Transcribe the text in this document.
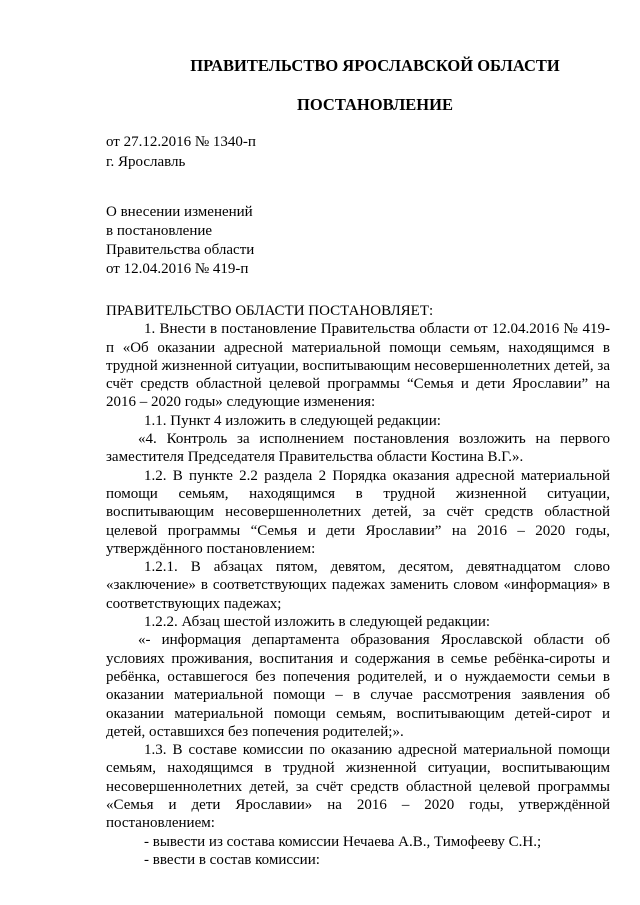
ПРАВИТЕЛЬСТВО ЯРОСЛАВСКОЙ ОБЛАСТИ
ПОСТАНОВЛЕНИЕ
от 27.12.2016 № 1340-п
г. Ярославль
О внесении изменений
в постановление
Правительства области
от 12.04.2016 № 419-п

ПРАВИТЕЛЬСТВО ОБЛАСТИ ПОСТАНОВЛЯЕТ:

1. Внести в постановление Правительства области от 12.04.2016 № 419-п «Об оказании адресной материальной помощи семьям, находящимся в трудной жизненной ситуации, воспитывающим несовершеннолетних детей, за счёт средств областной целевой программы “Семья и дети Ярославии” на 2016 – 2020 годы» следующие изменения:

1.1. Пункт 4 изложить в следующей редакции:

«4. Контроль за исполнением постановления возложить на первого заместителя Председателя Правительства области Костина В.Г.».

1.2. В пункте 2.2 раздела 2 Порядка оказания адресной материальной помощи семьям, находящимся в трудной жизненной ситуации, воспитывающим несовершеннолетних детей, за счёт средств областной целевой программы “Семья и дети Ярославии” на 2016 – 2020 годы, утверждённого постановлением:

1.2.1. В абзацах пятом, девятом, десятом, девятнадцатом слово «заключение» в соответствующих падежах заменить словом «информация» в соответствующих падежах;

1.2.2. Абзац шестой изложить в следующей редакции:

«- информация департамента образования Ярославской области об условиях проживания, воспитания и содержания в семье ребёнка-сироты и ребёнка, оставшегося без попечения родителей, и о нуждаемости семьи в оказании материальной помощи – в случае рассмотрения заявления об оказании материальной помощи семьям, воспитывающим детей-сирот и детей, оставшихся без попечения родителей;».

1.3. В составе комиссии по оказанию адресной материальной помощи семьям, находящимся в трудной жизненной ситуации, воспитывающим несовершеннолетних детей, за счёт средств областной целевой программы «Семья и дети Ярославии» на 2016 – 2020 годы, утверждённой постановлением:

- вывести из состава комиссии Нечаева А.В., Тимофееву С.Н.;

- ввести в состав комиссии:
